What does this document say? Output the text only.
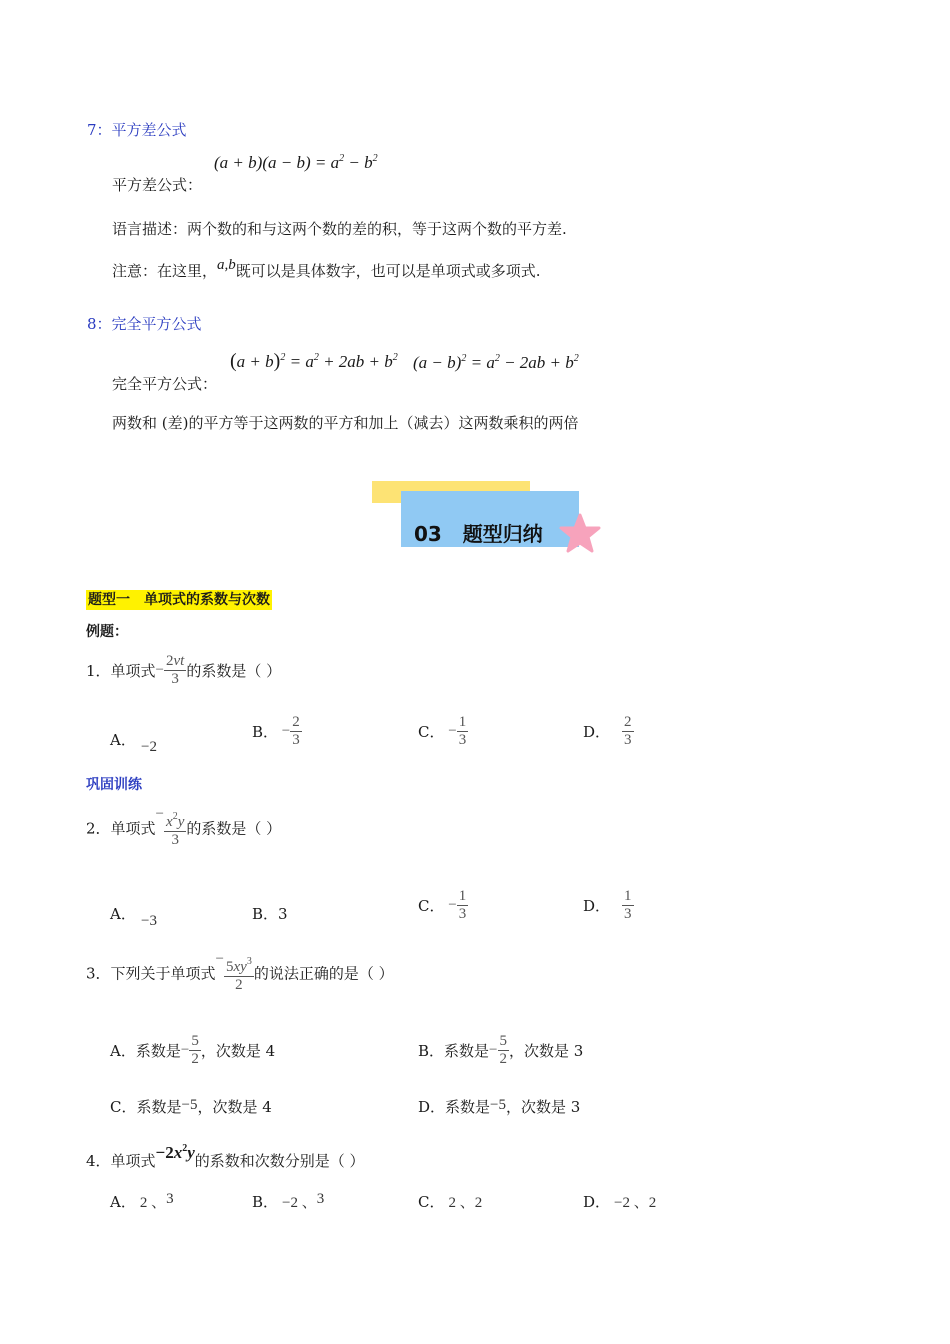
7：平方差公式
$(a + b)(a - b) = a^2 - b^2$
平方差公式：
语言描述：两个数的和与这两个数的差的积，等于这两个数的平方差.
注意：在这里，a,b既可以是具体数字，也可以是单项式或多项式.
8：完全平方公式
$(a + b)^2 = a^2 + 2ab + b^2$ $(a - b)^2 = a^2 - 2ab + b^2$
完全平方公式：
两数和 (差)的平方等于这两数的平方和加上（减去）这两数乘积的两倍
03 题型归纳
题型一　单项式的系数与次数
例题：
1．单项式− $\frac{2vt}{3}$ 的系数是（ ）
A． −2
B． − $\frac{2}{3}$	C． − $\frac{1}{3}$	D． $\frac{2}{3}$
巩固训练
2．单项式− $\frac{x^2y}{3}$ 的系数是（ ）
A． −3	B．3	C． − $\frac{1}{3}$	D． $\frac{1}{3}$
3．下列关于单项式− $\frac{5xy^3}{2}$ 的说法正确的是（ ）
A．系数是− $\frac{5}{2}$ ，次数是 4	B．系数是− $\frac{5}{2}$ ，次数是 3
C．系数是−5，次数是 4	D．系数是−5，次数是 3
4．单项式$-2x^2y$的系数和次数分别是（ ）
A． 2 、3	B． −2 、3	C． 2 、2	D． −2 、2
